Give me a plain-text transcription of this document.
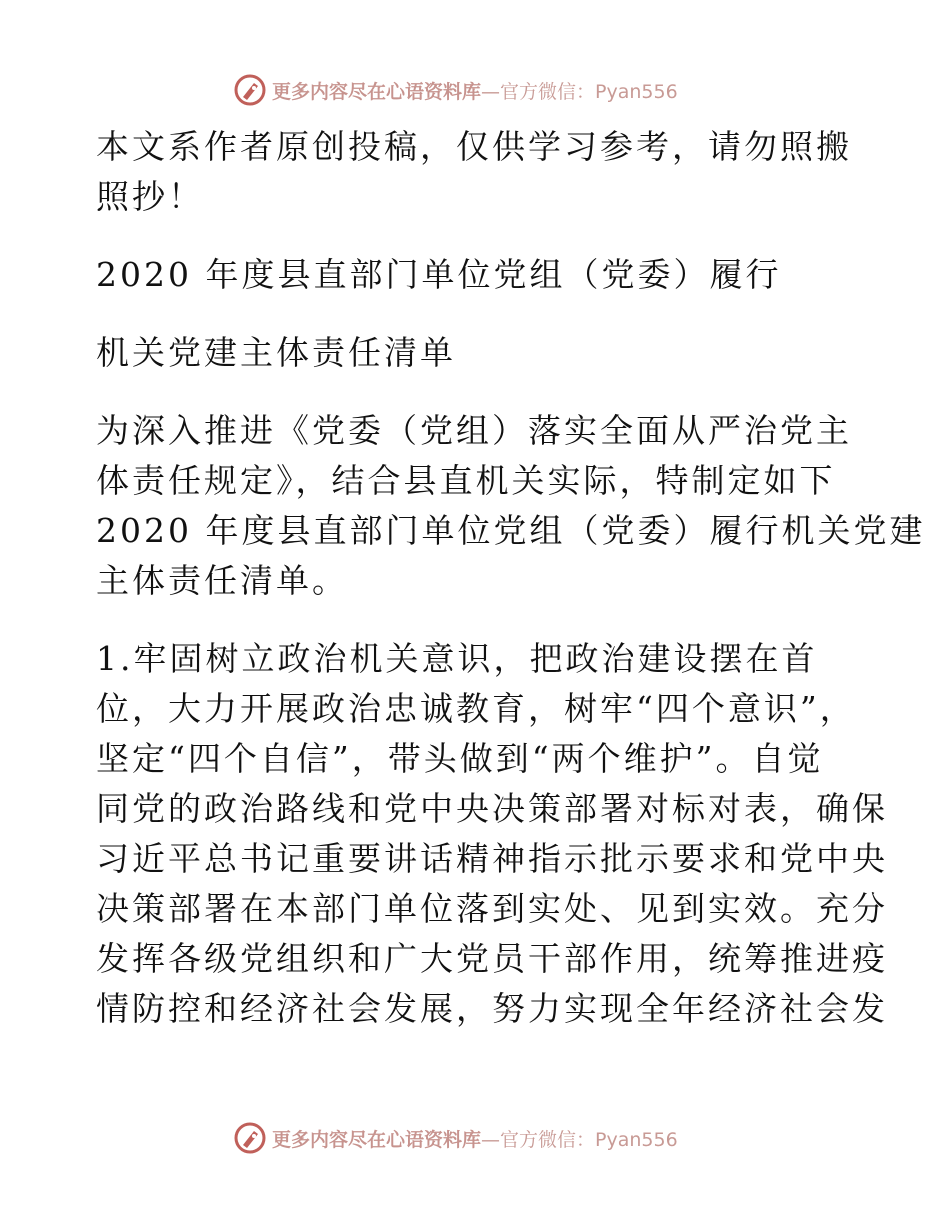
更多内容尽在心语资料库—官方微信：Pyan556

本文系作者原创投稿，仅供学习参考，请勿照搬
照抄！

2020 年度县直部门单位党组（党委）履行

机关党建主体责任清单

为深入推进《党委（党组）落实全面从严治党主
体责任规定》，结合县直机关实际，特制定如下
2020 年度县直部门单位党组（党委）履行机关党建
主体责任清单。

1.牢固树立政治机关意识，把政治建设摆在首
位，大力开展政治忠诚教育，树牢“四个意识”，
坚定“四个自信”，带头做到“两个维护”。自觉
同党的政治路线和党中央决策部署对标对表，确保
习近平总书记重要讲话精神指示批示要求和党中央
决策部署在本部门单位落到实处、见到实效。充分
发挥各级党组织和广大党员干部作用，统筹推进疫
情防控和经济社会发展，努力实现全年经济社会发

更多内容尽在心语资料库—官方微信：Pyan556
